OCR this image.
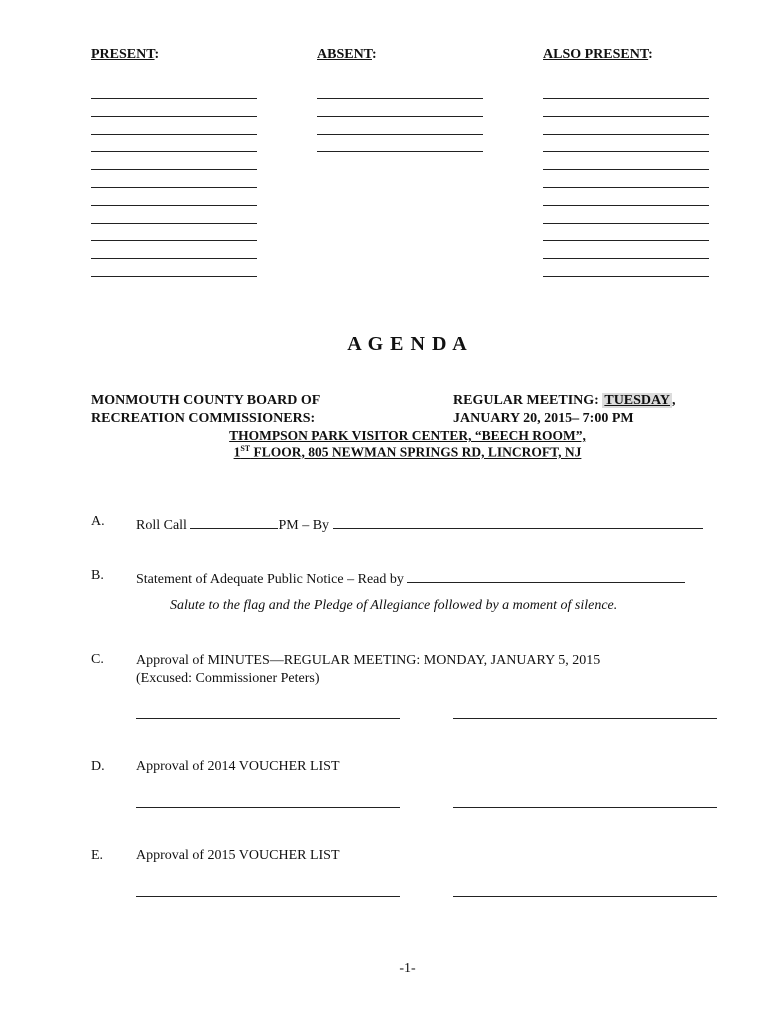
PRESENT:	ABSENT:	ALSO PRESENT:
A G E N D A
MONMOUTH COUNTY BOARD OF
RECREATION COMMISSIONERS:
REGULAR MEETING: TUESDAY ,
JANUARY 20, 2015– 7:00 PM
THOMPSON PARK VISITOR CENTER, “BEECH ROOM”,
1ST FLOOR, 805 NEWMAN SPRINGS RD, LINCROFT, NJ
A. Roll Call	PM – By
B. Statement of Adequate Public Notice – Read by
Salute to the flag and the Pledge of Allegiance followed by a moment of silence.
C. Approval of MINUTES—REGULAR MEETING: MONDAY, JANUARY 5, 2015
(Excused: Commissioner Peters)
D. Approval of 2014 VOUCHER LIST
E. Approval of 2015 VOUCHER LIST
-1-
